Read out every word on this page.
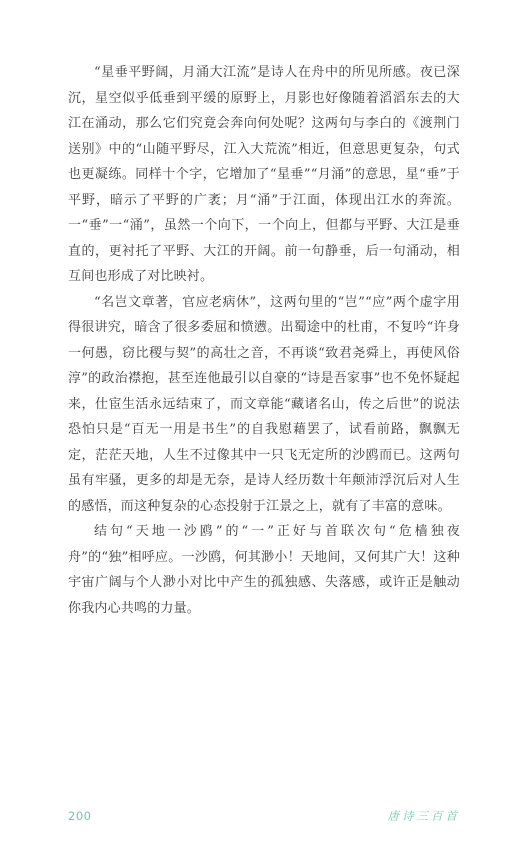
“星垂平野阔，月涌大江流”是诗人在舟中的所见所感。夜已深沉，星空似乎低垂到平缓的原野上，月影也好像随着滔滔东去的大江在涌动，那么它们究竟会奔向何处呢？这两句与李白的《渡荆门送别》中的“山随平野尽，江入大荒流”相近，但意思更复杂，句式也更凝练。同样十个字，它增加了“星垂”“月涌”的意思，星“垂”于平野，暗示了平野的广袤；月“涌”于江面，体现出江水的奔流。一“垂”一“涌”，虽然一个向下，一个向上，但都与平野、大江是垂直的，更衬托了平野、大江的开阔。前一句静垂，后一句涌动，相互间也形成了对比映衬。

“名岂文章著，官应老病休”，这两句里的“岂”“应”两个虚字用得很讲究，暗含了很多委屈和愤懑。出蜀途中的杜甫，不复吟“许身一何愚，窃比稷与契”的高壮之音，不再谈“致君尧舜上，再使风俗淳”的政治襟抱，甚至连他最引以自豪的“诗是吾家事”也不免怀疑起来，仕宦生活永远结束了，而文章能“藏诸名山，传之后世”的说法恐怕只是“百无一用是书生”的自我慰藉罢了，试看前路，飘飘无定，茫茫天地，人生不过像其中一只飞无定所的沙鸥而已。这两句虽有牢骚，更多的却是无奈，是诗人经历数十年颠沛浮沉后对人生的感悟，而这种复杂的心态投射于江景之上，就有了丰富的意味。

结句“天地一沙鸥”的“一”正好与首联次句“危樯独夜舟”的“独”相呼应。一沙鸥，何其渺小！天地间，又何其广大！这种宇宙广阔与个人渺小对比中产生的孤独感、失落感，或许正是触动你我内心共鸣的力量。

200	唐诗三百首
